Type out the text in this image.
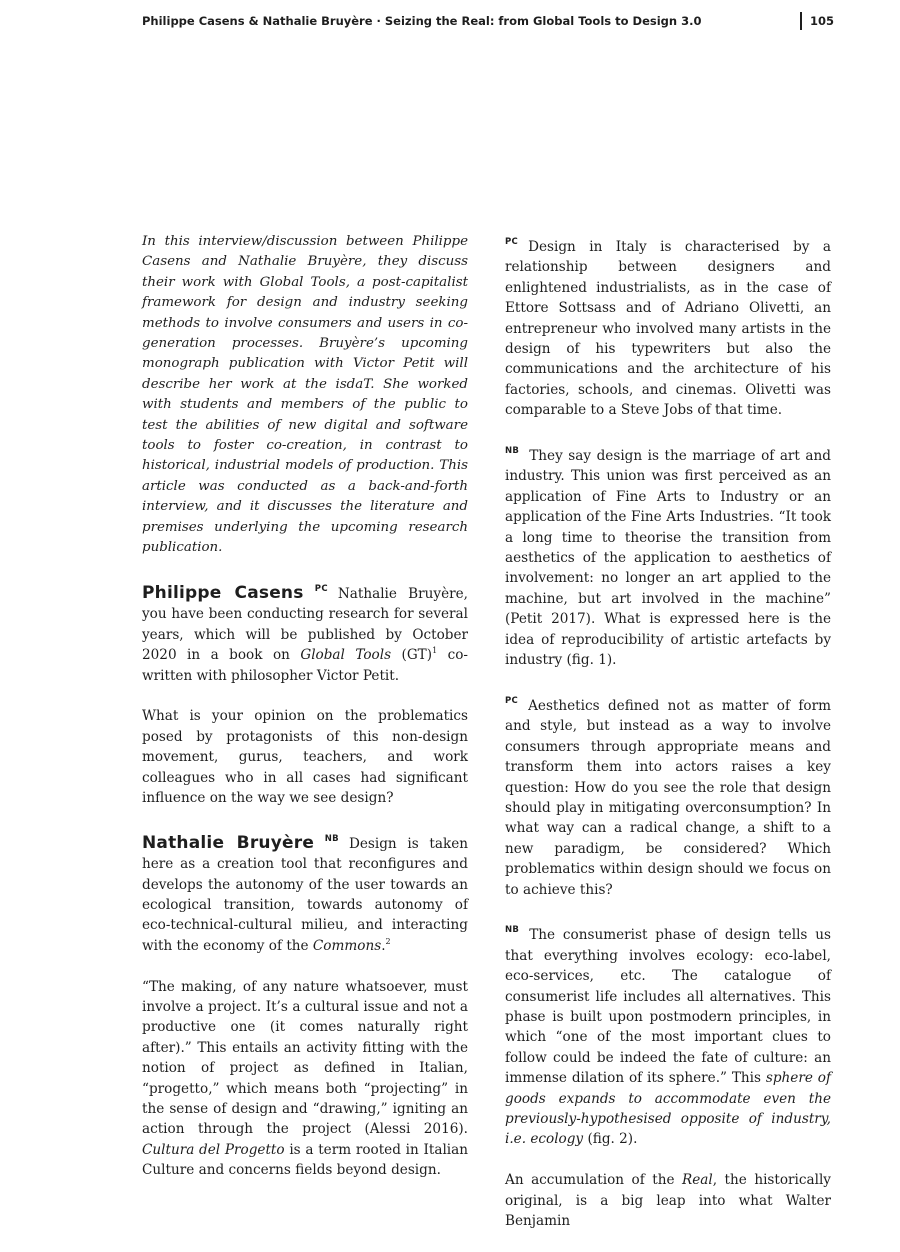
Philippe Casens & Nathalie Bruyère · Seizing the Real: from Global Tools to Design 3.0	105

In this interview/discussion between Philippe Casens and Nathalie Bruyère, they discuss their work with Global Tools, a post-capitalist framework for design and industry seeking methods to involve consumers and users in co-generation processes. Bruyère’s upcoming monograph publication with Victor Petit will describe her work at the isdaT. She worked with students and members of the public to test the abilities of new digital and software tools to foster co-creation, in contrast to historical, industrial models of production. This article was conducted as a back-and-forth interview, and it discusses the literature and premises underlying the upcoming research publication.

Philippe Casens $^{PC}$ Nathalie Bruyère, you have been conducting research for several years, which will be published by October 2020 in a book on Global Tools (GT)$^1$ co-written with philosopher Victor Petit.

What is your opinion on the problematics posed by protagonists of this non-design movement, gurus, teachers, and work colleagues who in all cases had significant influence on the way we see design?

Nathalie Bruyère $^{NB}$ Design is taken here as a creation tool that reconfigures and develops the autonomy of the user towards an ecological transition, towards autonomy of eco-technical-cultural milieu, and interacting with the economy of the Commons.$^2$

“The making, of any nature whatsoever, must involve a project. It’s a cultural issue and not a productive one (it comes naturally right after).” This entails an activity fitting with the notion of project as defined in Italian, “progetto,” which means both “projecting” in the sense of design and “drawing,” igniting an action through the project (Alessi 2016). Cultura del Progetto is a term rooted in Italian Culture and concerns fields beyond design.

$^{PC}$ Design in Italy is characterised by a relationship between designers and enlightened industrialists, as in the case of Ettore Sottsass and of Adriano Olivetti, an entrepreneur who involved many artists in the design of his typewriters but also the communications and the architecture of his factories, schools, and cinemas. Olivetti was comparable to a Steve Jobs of that time.

$^{NB}$ They say design is the marriage of art and industry. This union was first perceived as an application of Fine Arts to Industry or an application of the Fine Arts Industries. “It took a long time to theorise the transition from aesthetics of the application to aesthetics of involvement: no longer an art applied to the machine, but art involved in the machine” (Petit 2017). What is expressed here is the idea of reproducibility of artistic artefacts by industry (fig. 1).

$^{PC}$ Aesthetics defined not as matter of form and style, but instead as a way to involve consumers through appropriate means and transform them into actors raises a key question: How do you see the role that design should play in mitigating overconsumption? In what way can a radical change, a shift to a new paradigm, be considered? Which problematics within design should we focus on to achieve this?

$^{NB}$ The consumerist phase of design tells us that everything involves ecology: eco-label, eco-services, etc. The catalogue of consumerist life includes all alternatives. This phase is built upon postmodern principles, in which “one of the most important clues to follow could be indeed the fate of culture: an immense dilation of its sphere.” This sphere of goods expands to accommodate even the previously-hypothesised opposite of industry, i.e. ecology (fig. 2).

An accumulation of the Real, the historically original, is a big leap into what Walter Benjamin
